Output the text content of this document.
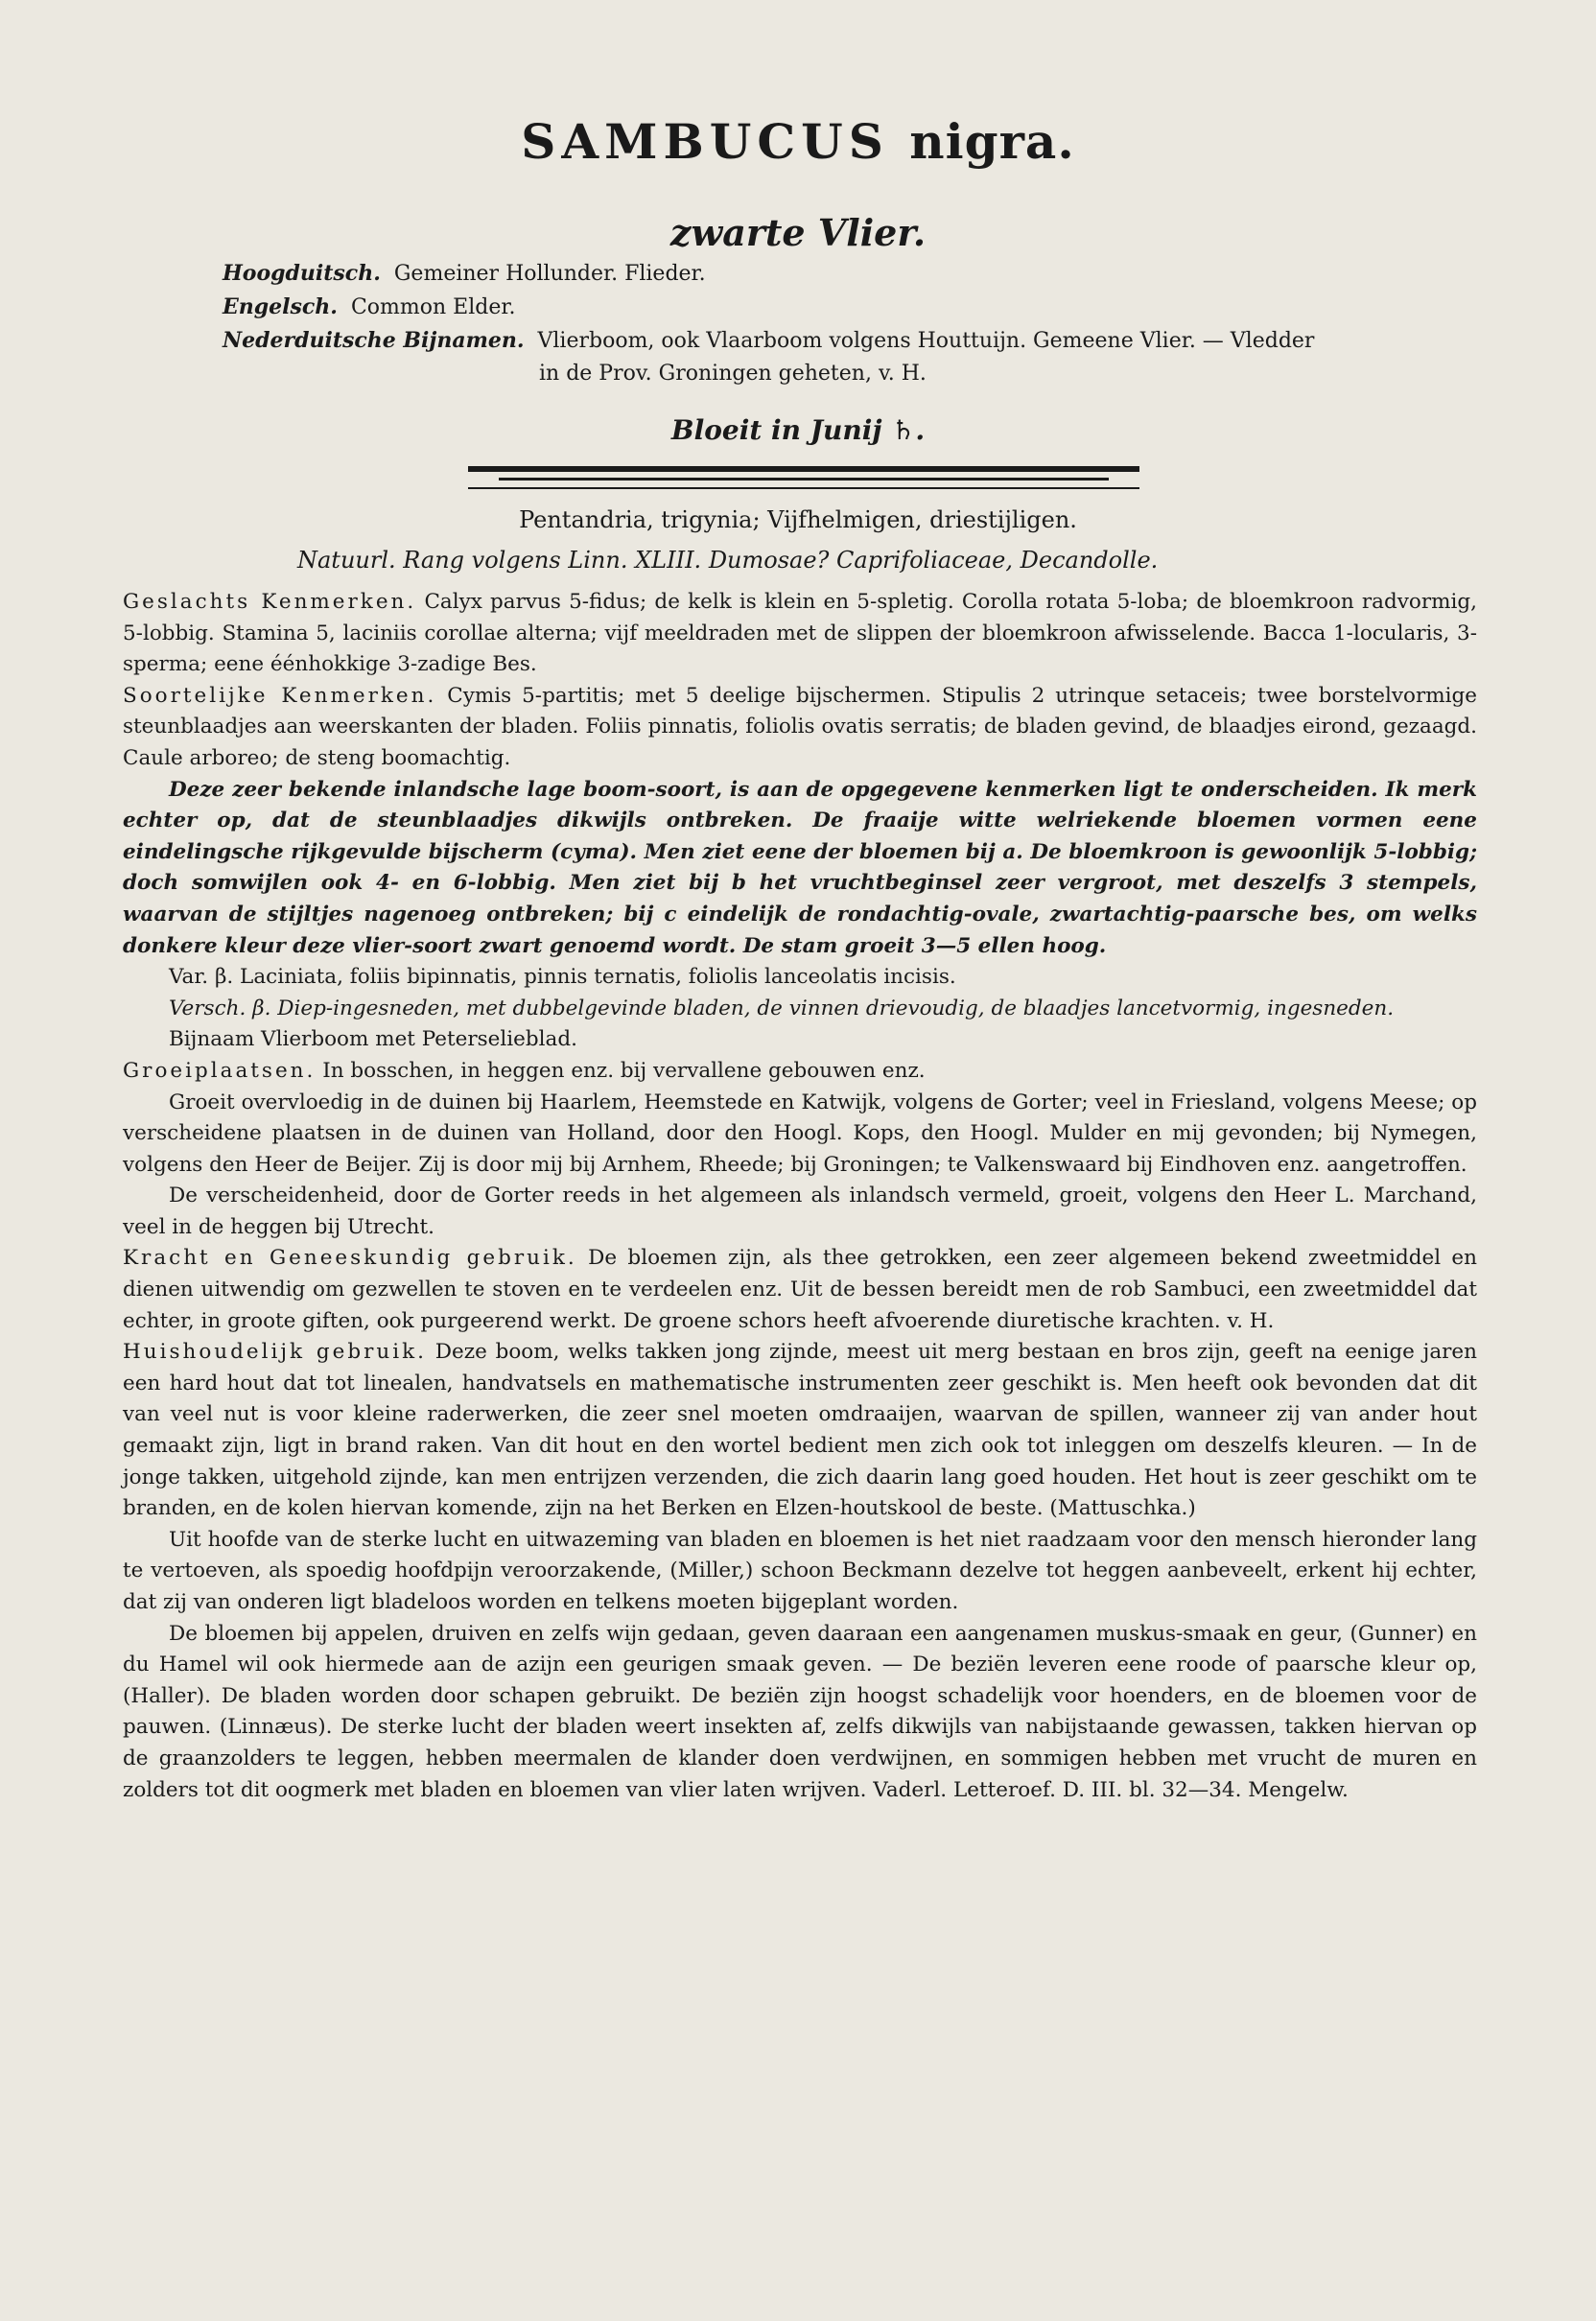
SAMBUCUS nigra.
zwarte Vlier.
Hoogduitsch. Gemeiner Hollunder. Flieder.
Engelsch. Common Elder.
Nederduitsche Bijnamen. Vlierboom, ook Vlaarboom volgens Houttuijn. Gemeene Vlier. — Vledder
in de Prov. Groningen geheten, v. H.
Bloeit in Junij ♄.
Pentandria, trigynia; Vijfhelmigen, driestijligen.
Natuurl. Rang volgens Linn. XLIII. Dumosae? Caprifoliaceae, Decandolle.

Geslachts Kenmerken. Calyx parvus 5-fidus; de kelk is klein en 5-spletig. Corolla rotata 5-loba; de bloemkroon radvormig, 5-lobbig. Stamina 5, laciniis corollae alterna; vijf meeldraden met de slippen der bloemkroon afwisselende. Bacca 1-locularis, 3-sperma; eene éénhokkige 3-zadige Bes.

Soortelijke Kenmerken. Cymis 5-partitis; met 5 deelige bijschermen. Stipulis 2 utrinque setaceis; twee borstelvormige steunblaadjes aan weerskanten der bladen. Foliis pinnatis, foliolis ovatis serratis; de bladen gevind, de blaadjes eirond, gezaagd. Caule arboreo; de steng boomachtig.

Deze zeer bekende inlandsche lage boom-soort, is aan de opgegevene kenmerken ligt te onderscheiden. Ik merk echter op, dat de steunblaadjes dikwijls ontbreken. De fraaije witte welriekende bloemen vormen eene eindelingsche rijkgevulde bijscherm (cyma). Men ziet eene der bloemen bij a. De bloemkroon is gewoonlijk 5-lobbig; doch somwijlen ook 4- en 6-lobbig. Men ziet bij b het vruchtbeginsel zeer vergroot, met deszelfs 3 stempels, waarvan de stijltjes nagenoeg ontbreken; bij c eindelijk de rondachtig-ovale, zwartachtig-paarsche bes, om welks donkere kleur deze vlier-soort zwart genoemd wordt. De stam groeit 3—5 ellen hoog.

Var. β. Laciniata, foliis bipinnatis, pinnis ternatis, foliolis lanceolatis incisis.

Versch. β. Diep-ingesneden, met dubbelgevinde bladen, de vinnen drievoudig, de blaadjes lancetvormig, ingesneden.

Bijnaam Vlierboom met Peterselieblad.

Groeiplaatsen. In bosschen, in heggen enz. bij vervallene gebouwen enz.

Groeit overvloedig in de duinen bij Haarlem, Heemstede en Katwijk, volgens de Gorter; veel in Friesland, volgens Meese; op verscheidene plaatsen in de duinen van Holland, door den Hoogl. Kops, den Hoogl. Mulder en mij gevonden; bij Nymegen, volgens den Heer de Beijer. Zij is door mij bij Arnhem, Rheede; bij Groningen; te Valkenswaard bij Eindhoven enz. aangetroffen.

De verscheidenheid, door de Gorter reeds in het algemeen als inlandsch vermeld, groeit, volgens den Heer L. Marchand, veel in de heggen bij Utrecht.

Kracht en Geneeskundig gebruik. De bloemen zijn, als thee getrokken, een zeer algemeen bekend zweetmiddel en dienen uitwendig om gezwellen te stoven en te verdeelen enz. Uit de bessen bereidt men de rob Sambuci, een zweetmiddel dat echter, in groote giften, ook purgeerend werkt. De groene schors heeft afvoerende diuretische krachten. v. H.

Huishoudelijk gebruik. Deze boom, welks takken jong zijnde, meest uit merg bestaan en bros zijn, geeft na eenige jaren een hard hout dat tot linealen, handvatsels en mathematische instrumenten zeer geschikt is. Men heeft ook bevonden dat dit van veel nut is voor kleine raderwerken, die zeer snel moeten omdraaijen, waarvan de spillen, wanneer zij van ander hout gemaakt zijn, ligt in brand raken. Van dit hout en den wortel bedient men zich ook tot inleggen om deszelfs kleuren. — In de jonge takken, uitgehold zijnde, kan men entrijzen verzenden, die zich daarin lang goed houden. Het hout is zeer geschikt om te branden, en de kolen hiervan komende, zijn na het Berken en Elzen-houtskool de beste. (Mattuschka.)

Uit hoofde van de sterke lucht en uitwazeming van bladen en bloemen is het niet raadzaam voor den mensch hieronder lang te vertoeven, als spoedig hoofdpijn veroorzakende, (Miller,) schoon Beckmann dezelve tot heggen aanbeveelt, erkent hij echter, dat zij van onderen ligt bladeloos worden en telkens moeten bijgeplant worden.

De bloemen bij appelen, druiven en zelfs wijn gedaan, geven daaraan een aangenamen muskus-smaak en geur, (Gunner) en du Hamel wil ook hiermede aan de azijn een geurigen smaak geven. — De beziën leveren eene roode of paarsche kleur op, (Haller). De bladen worden door schapen gebruikt. De beziën zijn hoogst schadelijk voor hoenders, en de bloemen voor de pauwen. (Linnæus). De sterke lucht der bladen weert insekten af, zelfs dikwijls van nabijstaande gewassen, takken hiervan op de graanzolders te leggen, hebben meermalen de klander doen verdwijnen, en sommigen hebben met vrucht de muren en zolders tot dit oogmerk met bladen en bloemen van vlier laten wrijven. Vaderl. Letteroef. D. III. bl. 32—34. Mengelw.
